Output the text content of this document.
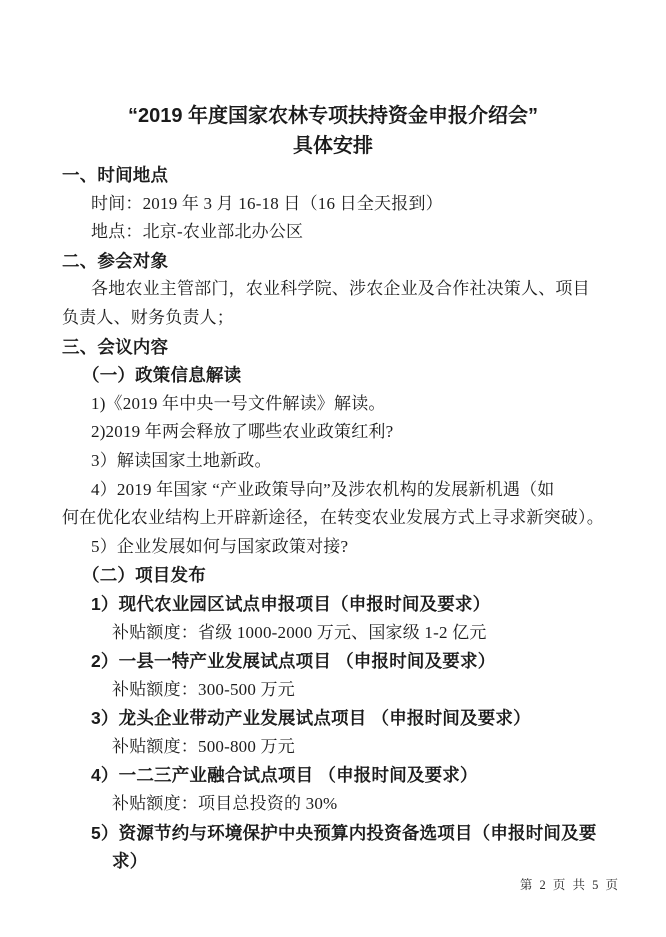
“2019 年度国家农林专项扶持资金申报介绍会”
具体安排

一、时间地点

时间：2019 年 3 月 16-18 日（16 日全天报到）

地点：北京-农业部北办公区

二、参会对象

各地农业主管部门，农业科学院、涉农企业及合作社决策人、项目

负责人、财务负责人；

三、会议内容

（一）政策信息解读

1)《2019 年中央一号文件解读》解读。

2)2019 年两会释放了哪些农业政策红利?

3）解读国家土地新政。

4）2019 年国家 “产业政策导向”及涉农机构的发展新机遇（如

何在优化农业结构上开辟新途径，在转变农业发展方式上寻求新突破）。

5）企业发展如何与国家政策对接?

（二）项目发布

1）现代农业园区试点申报项目（申报时间及要求）

补贴额度：省级 1000-2000 万元、国家级 1-2 亿元

2）一县一特产业发展试点项目 （申报时间及要求）

补贴额度：300-500 万元

3）龙头企业带动产业发展试点项目 （申报时间及要求）

补贴额度：500-800 万元

4）一二三产业融合试点项目 （申报时间及要求）

补贴额度：项目总投资的 30%

5）资源节约与环境保护中央预算内投资备选项目（申报时间及要

求）

第 2 页 共 5 页
